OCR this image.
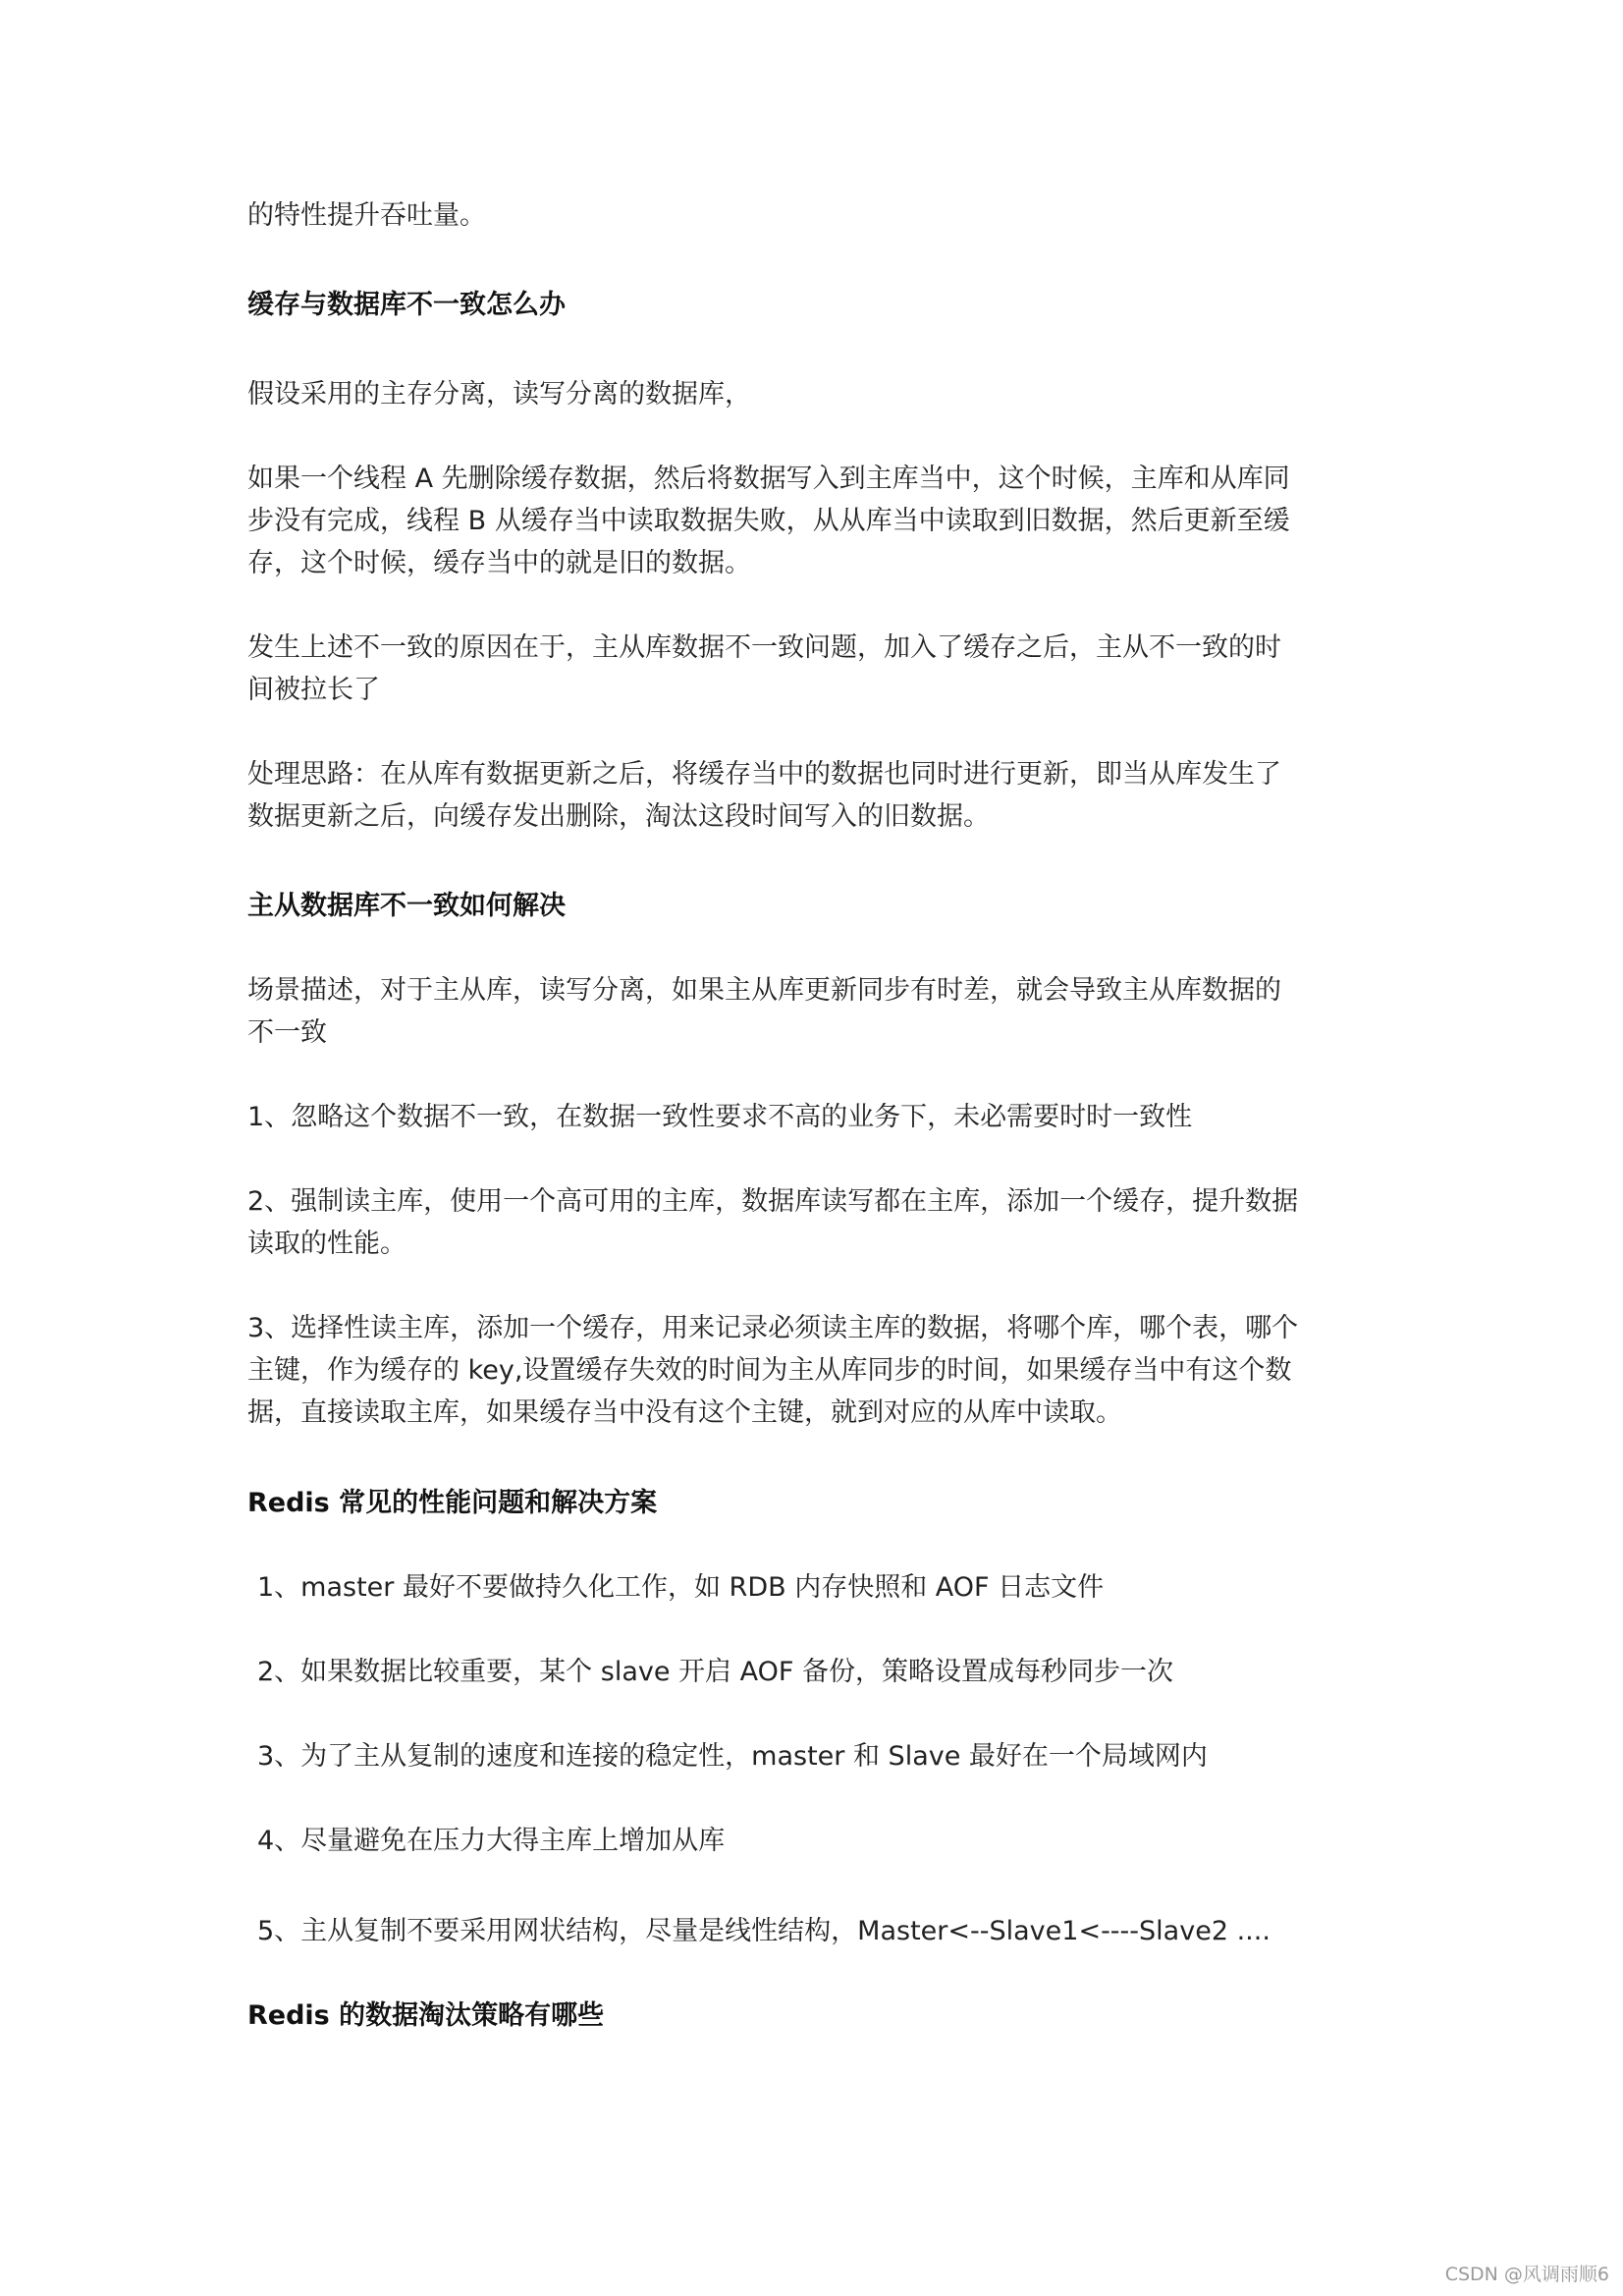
的特性提升吞吐量。

缓存与数据库不一致怎么办

假设采用的主存分离，读写分离的数据库，

如果一个线程 A 先删除缓存数据，然后将数据写入到主库当中，这个时候，主库和从库同
步没有完成，线程 B 从缓存当中读取数据失败，从从库当中读取到旧数据，然后更新至缓
存，这个时候，缓存当中的就是旧的数据。

发生上述不一致的原因在于，主从库数据不一致问题，加入了缓存之后，主从不一致的时
间被拉长了

处理思路：在从库有数据更新之后，将缓存当中的数据也同时进行更新，即当从库发生了
数据更新之后，向缓存发出删除，淘汰这段时间写入的旧数据。

主从数据库不一致如何解决

场景描述，对于主从库，读写分离，如果主从库更新同步有时差，就会导致主从库数据的
不一致

1、忽略这个数据不一致，在数据一致性要求不高的业务下，未必需要时时一致性

2、强制读主库，使用一个高可用的主库，数据库读写都在主库，添加一个缓存，提升数据
读取的性能。

3、选择性读主库，添加一个缓存，用来记录必须读主库的数据，将哪个库，哪个表，哪个
主键，作为缓存的 key,设置缓存失效的时间为主从库同步的时间，如果缓存当中有这个数
据，直接读取主库，如果缓存当中没有这个主键，就到对应的从库中读取。

Redis 常见的性能问题和解决方案

1、master 最好不要做持久化工作，如 RDB 内存快照和 AOF 日志文件

2、如果数据比较重要，某个 slave 开启 AOF 备份，策略设置成每秒同步一次

3、为了主从复制的速度和连接的稳定性，master 和 Slave 最好在一个局域网内

4、尽量避免在压力大得主库上增加从库

5、主从复制不要采用网状结构，尽量是线性结构，Master<--Slave1<----Slave2 ....

Redis 的数据淘汰策略有哪些

CSDN @风调雨顺6
